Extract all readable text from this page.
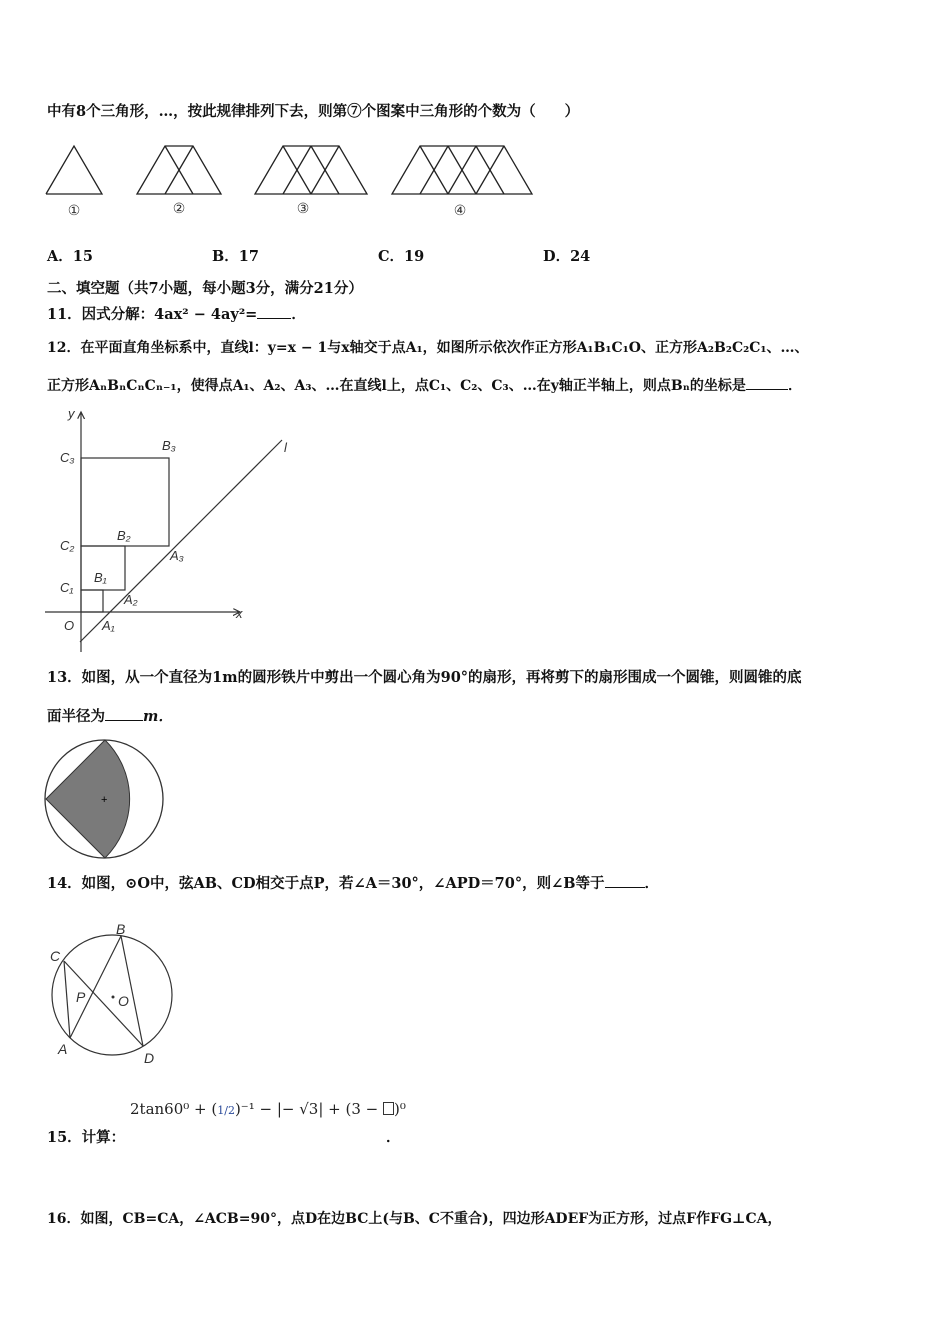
中有8个三角形，…，按此规律排列下去，则第⑦个图案中三角形的个数为（　　）
①	②	③	④
A．15	B．17	C．19	D．24
二、填空题（共7小题，每小题3分，满分21分）
11．因式分解：4ax² − 4ay²= ．
12．在平面直角坐标系中，直线l：y=x − 1与x轴交于点A₁，如图所示依次作正方形A₁B₁C₁O、正方形A₂B₂C₂C₁、…、
正方形AₙBₙCₙCₙ₋₁，使得点A₁、A₂、A₃、…在直线l上，点C₁、C₂、C₃、…在y轴正半轴上，则点Bₙ的坐标是	．
y
x
l
O A₁
A₂
A₃
B₁
B₂
B₃
C₁
C₂
C₃
13．如图，从一个直径为1m的圆形铁片中剪出一个圆心角为90°的扇形，再将剪下的扇形围成一个圆锥，则圆锥的底
面半径为	m．
+
14．如图，⊙O中，弦AB、CD相交于点P，若∠A＝30°，∠APD＝70°，则∠B等于	．
B
C
P O
A
D
2tan60⁰ + (1/2)⁻¹ − |− √3| + (3 − )⁰
15．计算：	．
16．如图，CB=CA，∠ACB=90°，点D在边BC上(与B、C不重合)，四边形ADEF为正方形，过点F作FG⊥CA，
